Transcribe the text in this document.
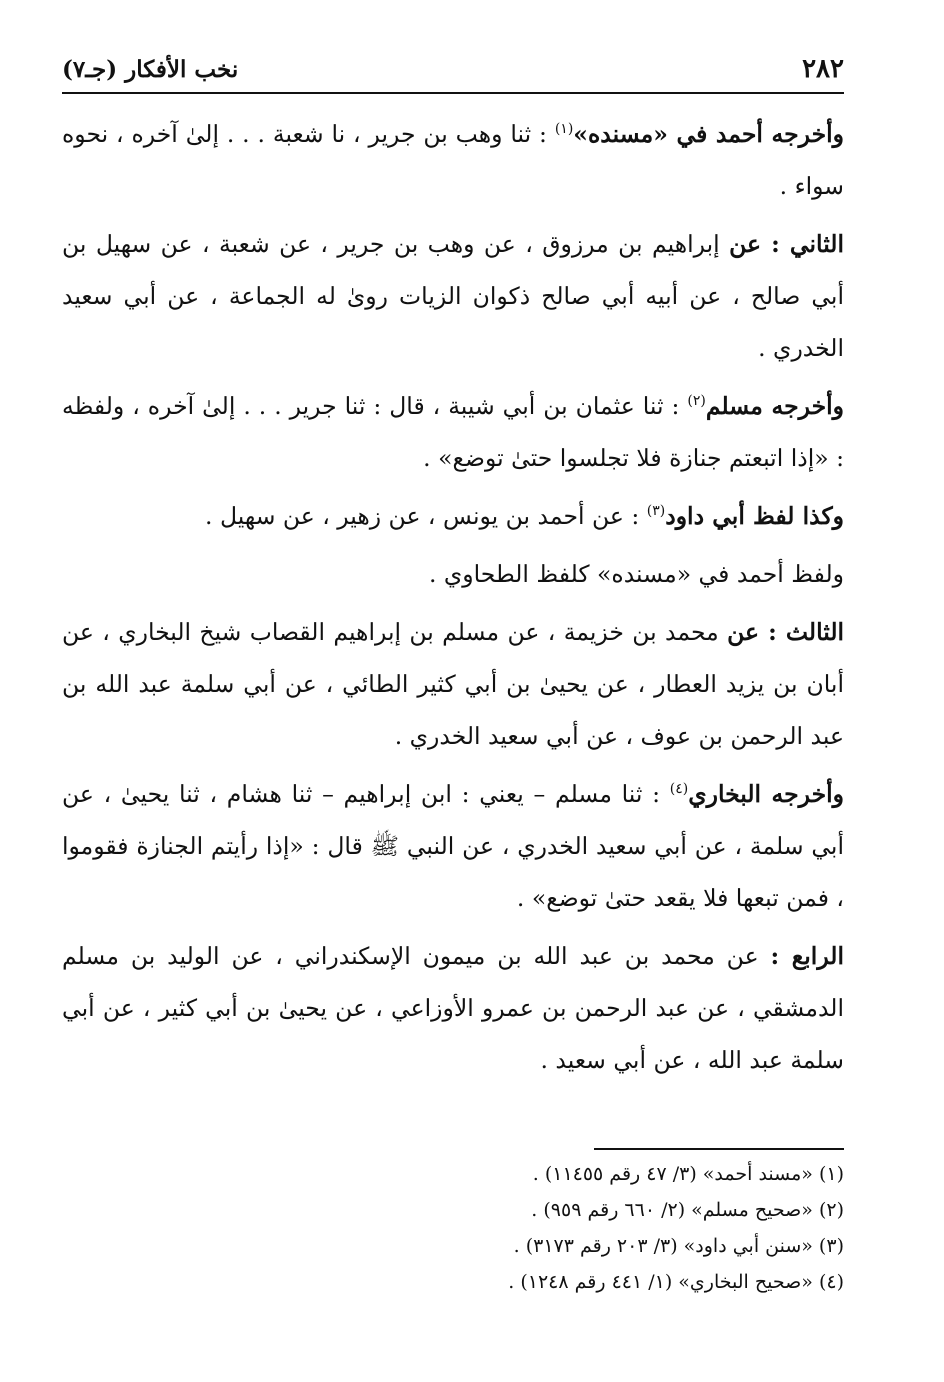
٢٨٢
نخب الأفكار (جـ٧)

وأخرجه أحمد في «مسنده»$^{(١)}$ : ثنا وهب بن جرير ، نا شعبة . . . إلىٰ آخره ، نحوه سواء .

الثاني : عن إبراهيم بن مرزوق ، عن وهب بن جرير ، عن شعبة ، عن سهيل بن أبي صالح ، عن أبيه أبي صالح ذكوان الزيات روىٰ له الجماعة ، عن أبي سعيد الخدري .

وأخرجه مسلم$^{(٢)}$ : ثنا عثمان بن أبي شيبة ، قال : ثنا جرير . . . إلىٰ آخره ، ولفظه : «إذا اتبعتم جنازة فلا تجلسوا حتىٰ توضع» .

وكذا لفظ أبي داود$^{(٣)}$ : عن أحمد بن يونس ، عن زهير ، عن سهيل .

ولفظ أحمد في «مسنده» كلفظ الطحاوي .

الثالث : عن محمد بن خزيمة ، عن مسلم بن إبراهيم القصاب شيخ البخاري ، عن أبان بن يزيد العطار ، عن يحيىٰ بن أبي كثير الطائي ، عن أبي سلمة عبد الله بن عبد الرحمن بن عوف ، عن أبي سعيد الخدري .

وأخرجه البخاري$^{(٤)}$ : ثنا مسلم – يعني : ابن إبراهيم – ثنا هشام ، ثنا يحيىٰ ، عن أبي سلمة ، عن أبي سعيد الخدري ، عن النبي ﷺ قال : «إذا رأيتم الجنازة فقوموا ، فمن تبعها فلا يقعد حتىٰ توضع» .

الرابع : عن محمد بن عبد الله بن ميمون الإسكندراني ، عن الوليد بن مسلم الدمشقي ، عن عبد الرحمن بن عمرو الأوزاعي ، عن يحيىٰ بن أبي كثير ، عن أبي سلمة عبد الله ، عن أبي سعيد .

(١) «مسند أحمد» (٣/ ٤٧ رقم ١١٤٥٥) .

(٢) «صحيح مسلم» (٢/ ٦٦٠ رقم ٩٥٩) .

(٣) «سنن أبي داود» (٣/ ٢٠٣ رقم ٣١٧٣) .

(٤) «صحيح البخاري» (١/ ٤٤١ رقم ١٢٤٨) .
